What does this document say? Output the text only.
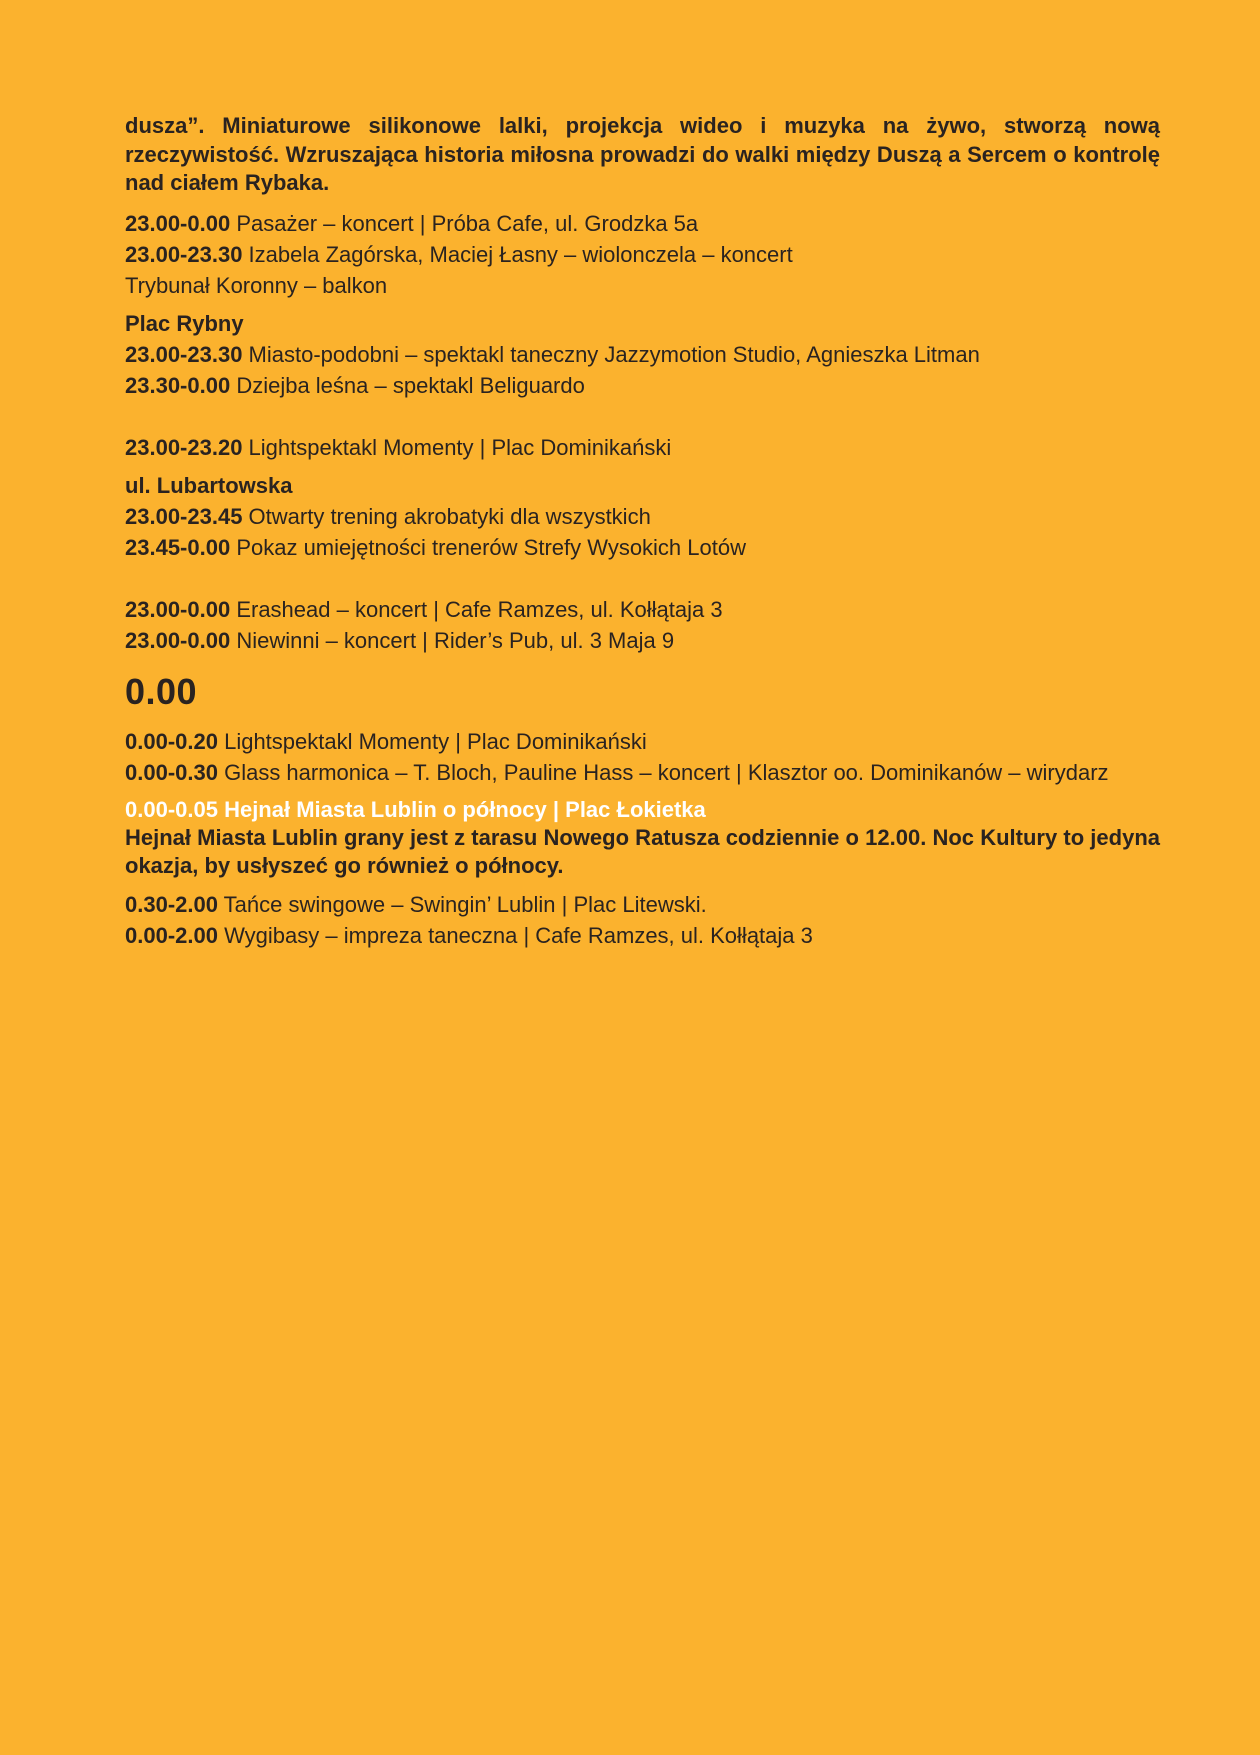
dusza”. Miniaturowe silikonowe lalki, projekcja wideo i muzyka na żywo, stworzą nową rzeczywistość. Wzruszająca historia miłosna prowadzi do walki między Duszą a Sercem o kontrolę nad ciałem Rybaka.

23.00-0.00 Pasażer – koncert | Próba Cafe, ul. Grodzka 5a

23.00-23.30 Izabela Zagórska, Maciej Łasny – wiolonczela – koncert

Trybunał Koronny – balkon

Plac Rybny

23.00-23.30 Miasto-podobni – spektakl taneczny Jazzymotion Studio, Agnieszka Litman

23.30-0.00 Dziejba leśna – spektakl Beliguardo

23.00-23.20 Lightspektakl Momenty | Plac Dominikański

ul. Lubartowska

23.00-23.45 Otwarty trening akrobatyki dla wszystkich

23.45-0.00 Pokaz umiejętności trenerów Strefy Wysokich Lotów

23.00-0.00 Erashead – koncert | Cafe Ramzes, ul. Kołłątaja 3

23.00-0.00 Niewinni – koncert | Rider’s Pub, ul. 3 Maja 9

0.00

0.00-0.20 Lightspektakl Momenty | Plac Dominikański

0.00-0.30 Glass harmonica – T. Bloch, Pauline Hass – koncert | Klasztor oo. Dominikanów – wirydarz

0.00-0.05 Hejnał Miasta Lublin o północy | Plac Łokietka

Hejnał Miasta Lublin grany jest z tarasu Nowego Ratusza codziennie o 12.00. Noc Kultury to jedyna okazja, by usłyszeć go również o północy.

0.30-2.00 Tańce swingowe – Swingin’ Lublin | Plac Litewski.

0.00-2.00 Wygibasy – impreza taneczna | Cafe Ramzes, ul. Kołłątaja 3
